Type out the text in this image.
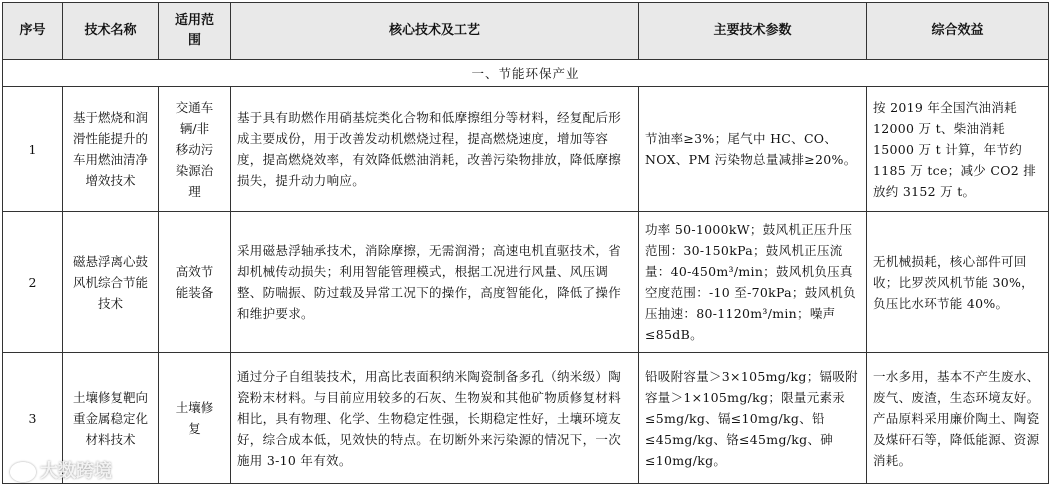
序号	技术名称	适用范围	核心技术及工艺	主要技术参数	综合效益
一、节能环保产业					
1	基于燃烧和润滑性能提升的车用燃油清净增效技术	交通车辆/非移动污染源治理	基于具有助燃作用硝基烷类化合物和低摩擦组分等材料，经复配后形成主要成份，用于改善发动机燃烧过程，提高燃烧速度，增加等容度，提高燃烧效率，有效降低燃油消耗，改善污染物排放，降低摩擦损失，提升动力响应。	节油率≥3%；尾气中 HC、CO、NOX、PM 污染物总量减排≥20%。	按 2019 年全国汽油消耗 12000 万 t、柴油消耗 15000 万 t 计算，年节约 1185 万 tce；减少 CO2 排放约 3152 万 t。
2	磁悬浮离心鼓风机综合节能技术	高效节能装备	采用磁悬浮轴承技术，消除摩擦，无需润滑；高速电机直驱技术，省却机械传动损失；利用智能管理模式，根据工况进行风量、风压调整、防喘振、防过载及异常工况下的操作，高度智能化，降低了操作和维护要求。	功率 50-1000kW；鼓风机正压升压范围：30-150kPa；鼓风机正压流量：40-450m³/min；鼓风机负压真空度范围：-10 至-70kPa；鼓风机负压抽速：80-1120m³/min；噪声≤85dB。	无机械损耗，核心部件可回收；比罗茨风机节能 30%，负压比水环节能 40%。
3	土壤修复靶向重金属稳定化材料技术	土壤修复	通过分子自组装技术，用高比表面积纳米陶瓷制备多孔（纳米级）陶瓷粉末材料。与目前应用较多的石灰、生物炭和其他矿物质修复材料相比，具有物理、化学、生物稳定性强，长期稳定性好，土壤环境友好，综合成本低，见效快的特点。在切断外来污染源的情况下，一次施用 3-10 年有效。	铅吸附容量＞3×105mg/kg；镉吸附容量＞1×105mg/kg；限量元素汞≤5mg/kg、镉≤10mg/kg、铅≤45mg/kg、铬≤45mg/kg、砷≤10mg/kg。	一水多用，基本不产生废水、废气、废渣，生态环境友好。产品原料采用廉价陶土、陶瓷及煤矸石等，降低能源、资源消耗。
大数跨境
